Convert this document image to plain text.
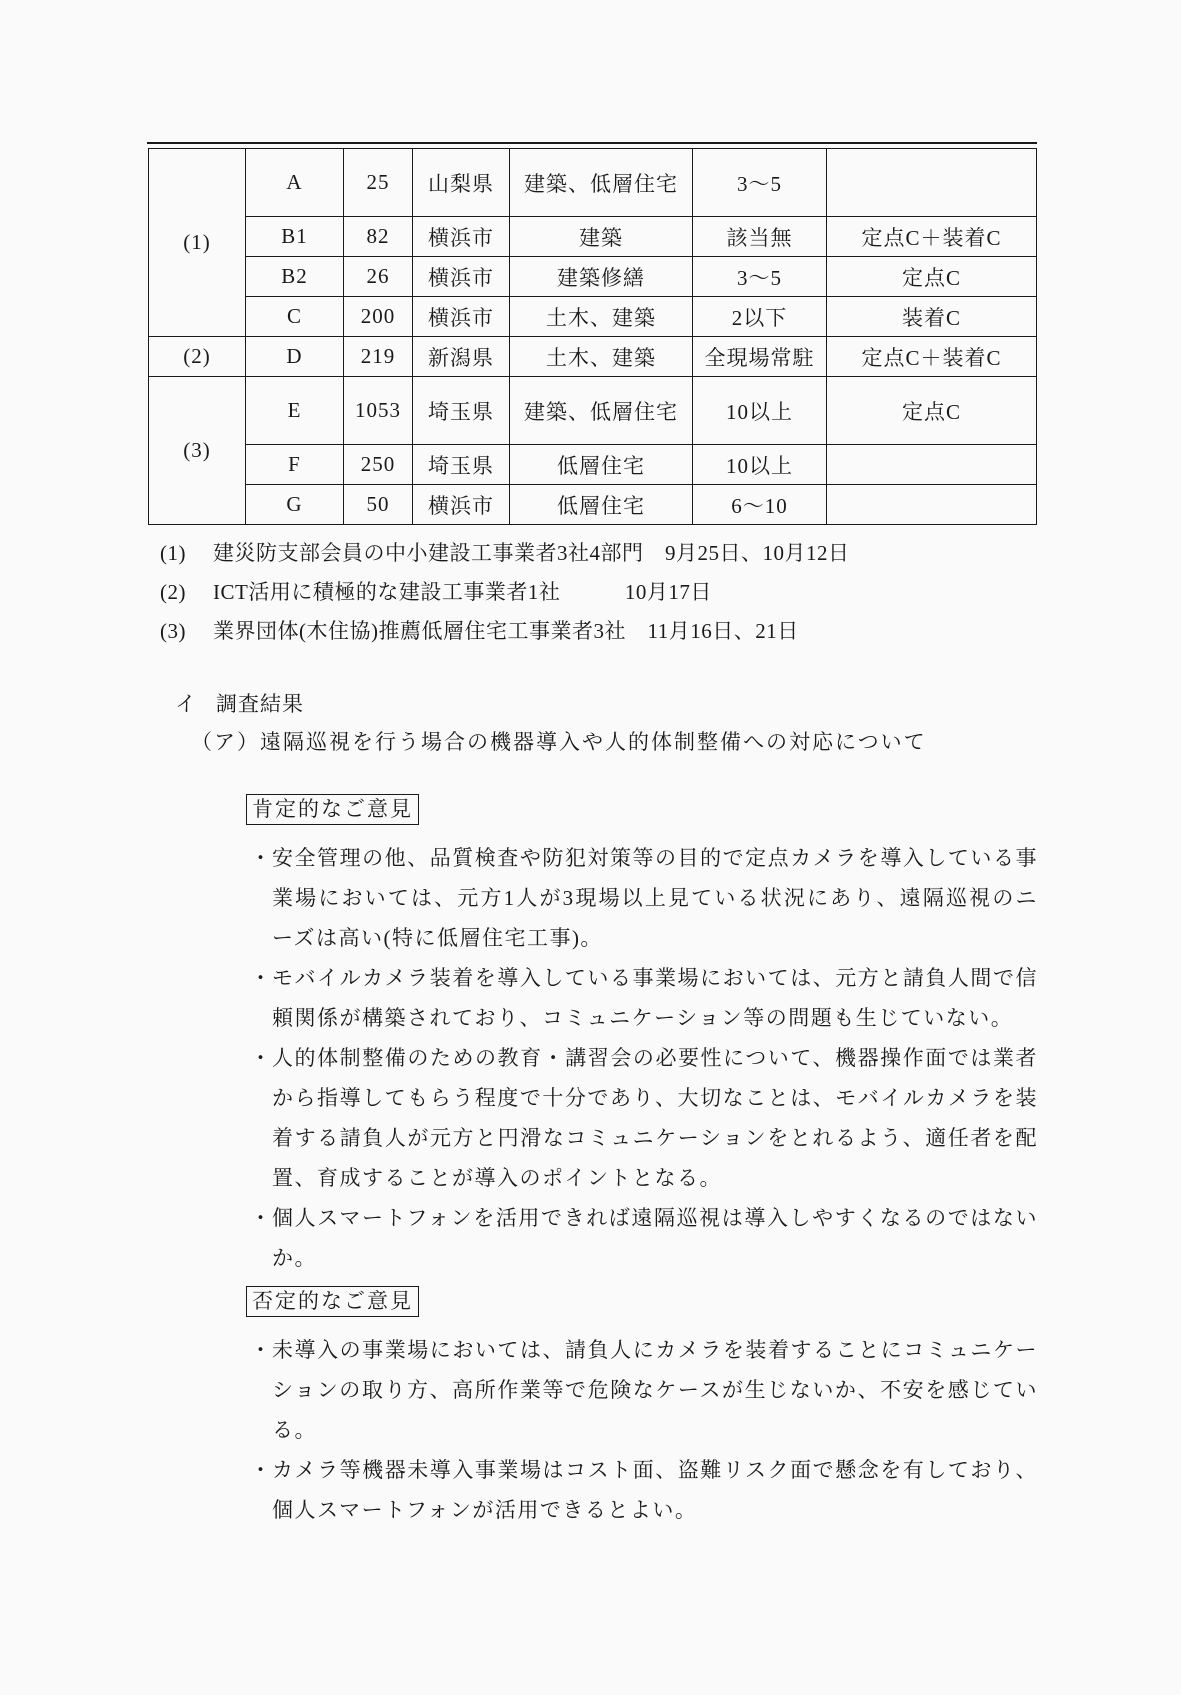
(1)	A	25	山梨県	建築、低層住宅	3〜5	
	B1	82	横浜市	建築	該当無	定点C＋装着C
	B2	26	横浜市	建築修繕	3〜5	定点C
	C	200	横浜市	土木、建築	2以下	装着C
(2)	D	219	新潟県	土木、建築	全現場常駐	定点C＋装着C
(3)	E	1053	埼玉県	建築、低層住宅	10以上	定点C
	F	250	埼玉県	低層住宅	10以上	
	G	50	横浜市	低層住宅	6〜10	
(1)	建災防支部会員の中小建設工事業者3社4部門　9月25日、10月12日
(2)	ICT活用に積極的な建設工事業者1社　　　10月17日
(3)	業界団体(木住協)推薦低層住宅工事業者3社　11月16日、21日
イ 調査結果
（ア）遠隔巡視を行う場合の機器導入や人的体制整備への対応について
肯定的なご意見
・ 安全管理の他、品質検査や防犯対策等の目的で定点カメラを導入している事業場においては、元方1人が3現場以上見ている状況にあり、遠隔巡視のニーズは高い(特に低層住宅工事)。
・ モバイルカメラ装着を導入している事業場においては、元方と請負人間で信頼関係が構築されており、コミュニケーション等の問題も生じていない。
・ 人的体制整備のための教育・講習会の必要性について、機器操作面では業者から指導してもらう程度で十分であり、大切なことは、モバイルカメラを装着する請負人が元方と円滑なコミュニケーションをとれるよう、適任者を配置、育成することが導入のポイントとなる。
・ 個人スマートフォンを活用できれば遠隔巡視は導入しやすくなるのではないか。
否定的なご意見
・ 未導入の事業場においては、請負人にカメラを装着することにコミュニケーションの取り方、高所作業等で危険なケースが生じないか、不安を感じている。
・ カメラ等機器未導入事業場はコスト面、盗難リスク面で懸念を有しており、個人スマートフォンが活用できるとよい。
